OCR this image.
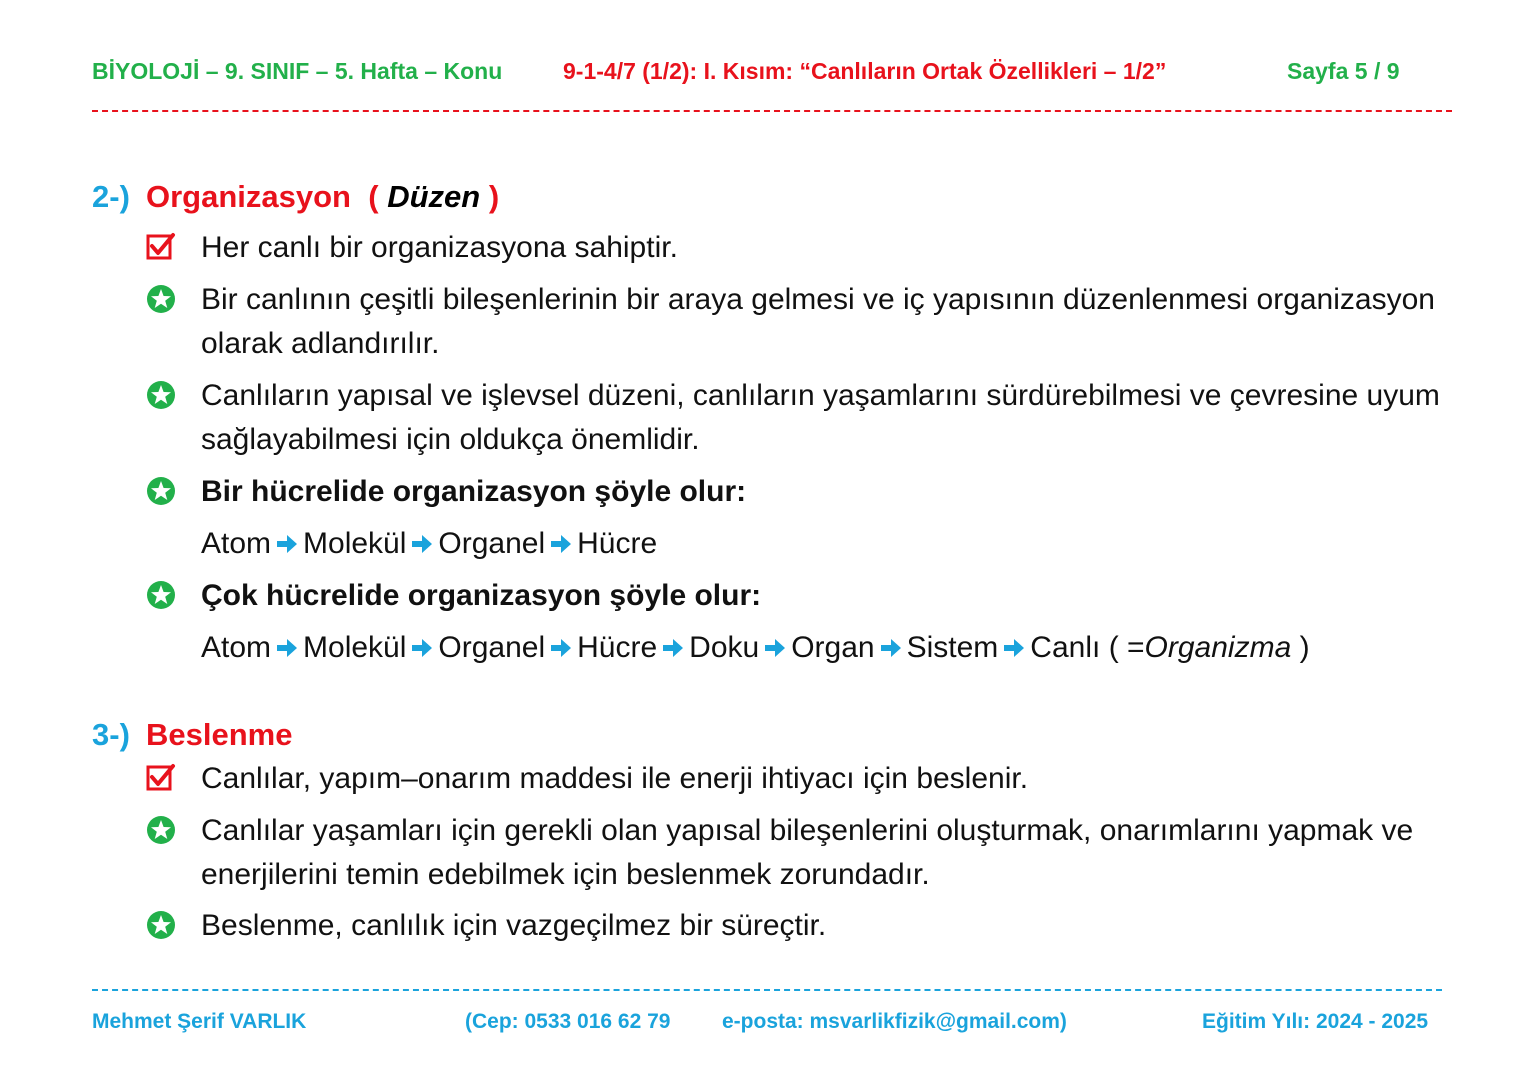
BİYOLOJİ – 9. SINIF – 5. Hafta – Konu	9-1-4/7 (1/2): I. Kısım: “Canlıların Ortak Özellikleri – 1/2”	Sayfa 5 / 9
2-) Organizasyon ( Düzen )
Her canlı bir organizasyona sahiptir.
Bir canlının çeşitli bileşenlerinin bir araya gelmesi ve iç yapısının düzenlenmesi organizasyon olarak adlandırılır.
Canlıların yapısal ve işlevsel düzeni, canlıların yaşamlarını sürdürebilmesi ve çevresine uyum sağlayabilmesi için oldukça önemlidir.
Bir hücrelide organizasyon şöyle olur:
Atom Molekül Organel Hücre
Çok hücrelide organizasyon şöyle olur:
Atom Molekül Organel Hücre Doku Organ Sistem Canlı ( =Organizma )
3-) Beslenme
Canlılar, yapım–onarım maddesi ile enerji ihtiyacı için beslenir.
Canlılar yaşamları için gerekli olan yapısal bileşenlerini oluşturmak, onarımlarını yapmak ve enerjilerini temin edebilmek için beslenmek zorundadır.
Beslenme, canlılık için vazgeçilmez bir süreçtir.
Mehmet Şerif VARLIK	(Cep: 0533 016 62 79 e-posta: msvarlikfizik@gmail.com)	Eğitim Yılı: 2024 - 2025
